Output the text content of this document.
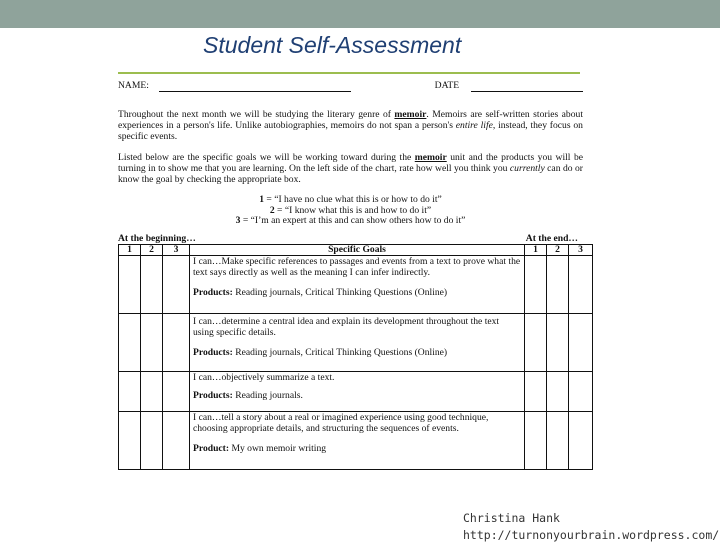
Student Self-Assessment
NAME:	DATE

Throughout the next month we will be studying the literary genre of memoir. Memoirs are self-written stories about experiences in a person's life. Unlike autobiographies, memoirs do not span a person's entire life, instead, they focus on specific events.

Listed below are the specific goals we will be working toward during the memoir unit and the products you will be turning in to show me that you are learning. On the left side of the chart, rate how well you think you currently can do or know the goal by checking the appropriate box.

1 = “I have no clue what this is or how to do it”
2 = “I know what this is and how to do it”
3 = “I’m an expert at this and can show others how to do it”
At the beginning…	At the end…
1	2	3	Specific Goals	1	2	3

			I can…Make specific references to passages and events from a text to prove what the text says directly as well as the meaning I can infer indirectly.

Products: Reading journals, Critical Thinking Questions (Online)			

			I can…determine a central idea and explain its development throughout the text using specific details.

Products: Reading journals, Critical Thinking Questions (Online)			

			I can…objectively summarize a text.

Products: Reading journals.			

			I can…tell a story about a real or imagined experience using good technique, choosing appropriate details, and structuring the sequences of events.

Product: My own memoir writing			

Christina Hank
http://turnonyourbrain.wordpress.com/
